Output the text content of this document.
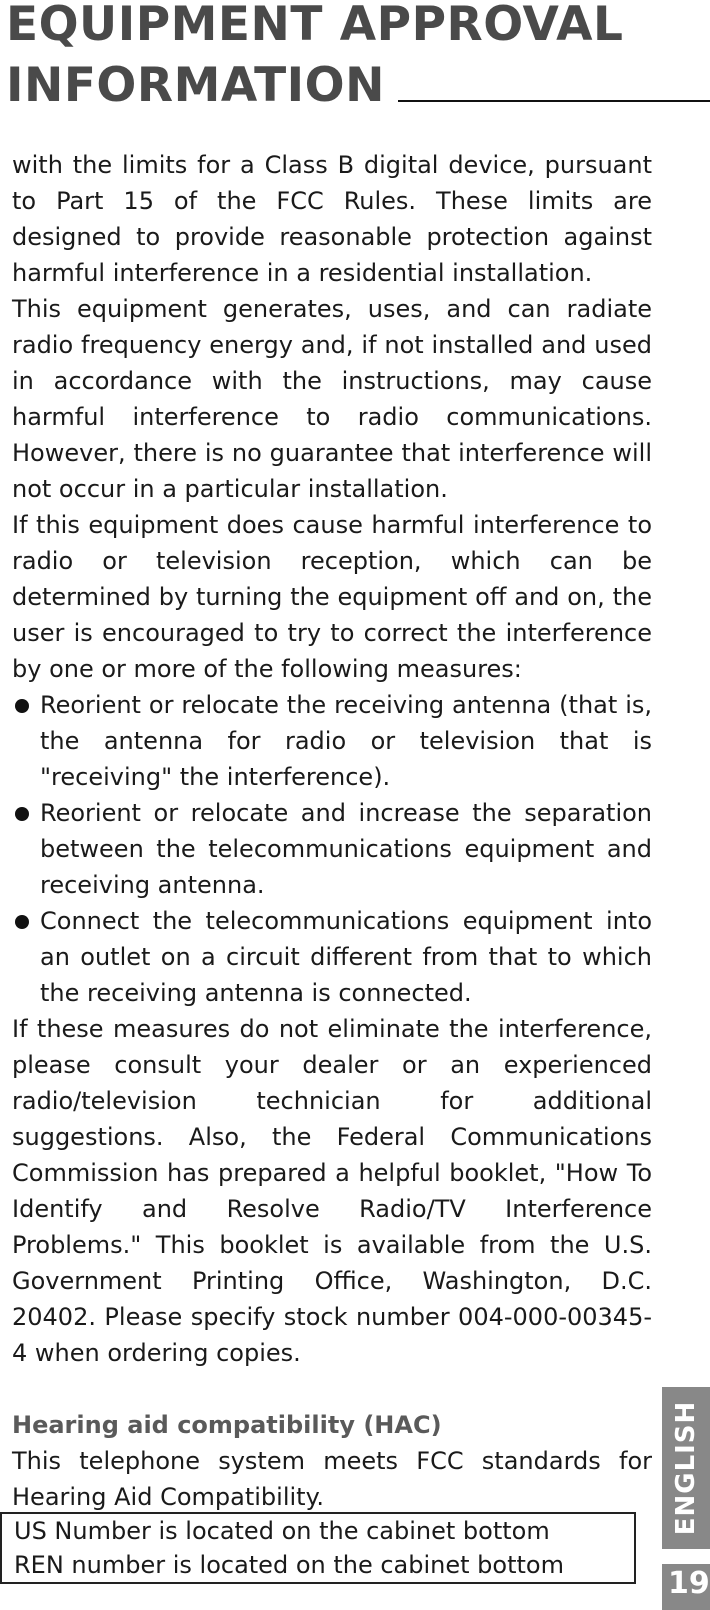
EQUIPMENT APPROVAL
INFORMATION

with the limits for a Class B digital device, pursuant to Part 15 of the FCC Rules. These limits are designed to provide reasonable protection against harmful interference in a residential installation.

This equipment generates, uses, and can radiate radio frequency energy and, if not installed and used in accordance with the instructions, may cause harmful interference to radio communications. However, there is no guarantee that interference will not occur in a particular installation.

If this equipment does cause harmful interference to radio or television reception, which can be determined by turning the equipment off and on, the user is encouraged to try to correct the interference by one or more of the following measures:

Reorient or relocate the receiving antenna (that is, the antenna for radio or television that is "receiving" the interference).
Reorient or relocate and increase the separation between the telecommunications equipment and receiving antenna.
Connect the telecommunications equipment into an outlet on a circuit different from that to which the receiving antenna is connected.

If these measures do not eliminate the interference, please consult your dealer or an experienced radio/television technician for additional suggestions. Also, the Federal Communications Commission has prepared a helpful booklet, "How To Identify and Resolve Radio/TV Interference Problems." This booklet is available from the U.S. Government Printing Office, Washington, D.C. 20402. Please specify stock number 004-000-00345-4 when ordering copies.

Hearing aid compatibility (HAC)

This telephone system meets FCC standards for Hearing Aid Compatibility.

US Number is located on the cabinet bottom
REN number is located on the cabinet bottom
ENGLISH
19
